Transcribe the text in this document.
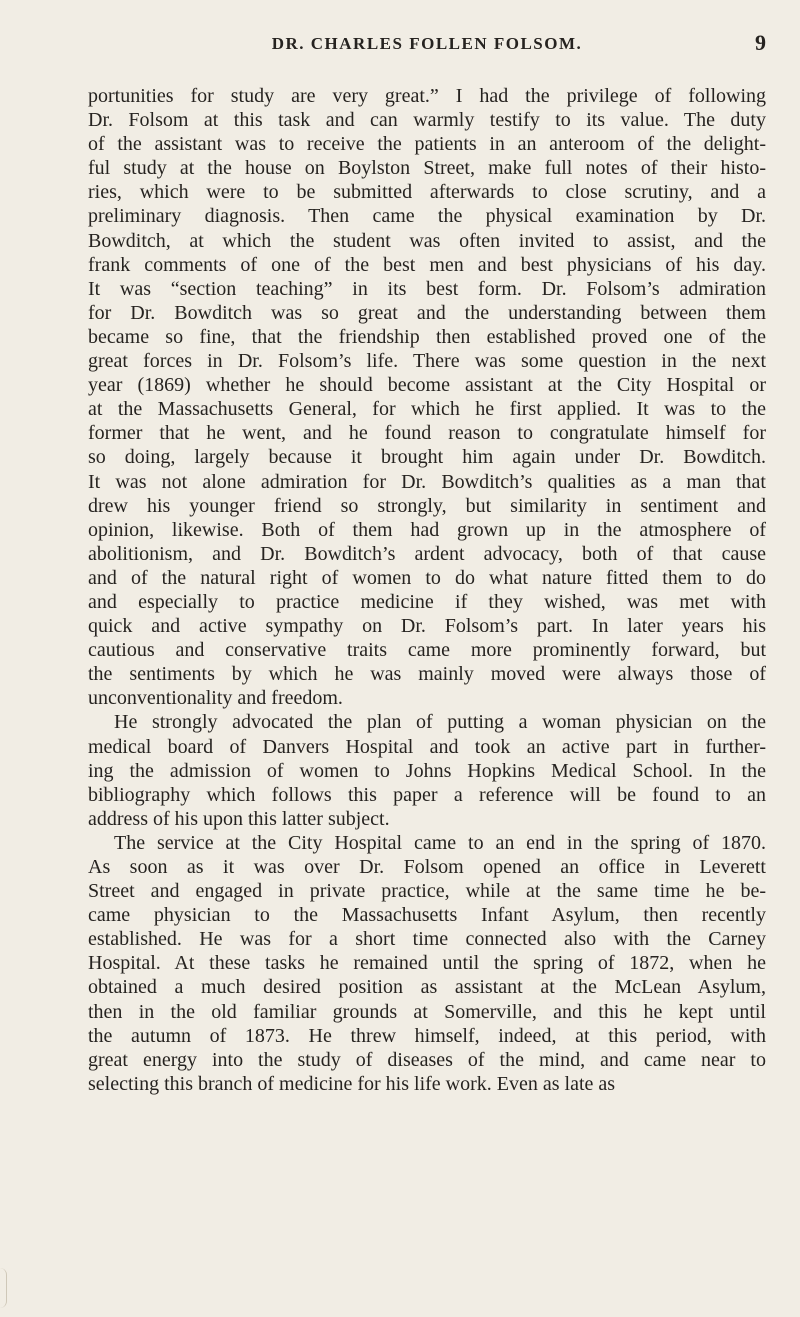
DR. CHARLES FOLLEN FOLSOM.	9
portunities for study are very great.” I had the privilege of following
Dr. Folsom at this task and can warmly testify to its value. The duty
of the assistant was to receive the patients in an anteroom of the delight-
ful study at the house on Boylston Street, make full notes of their histo-
ries, which were to be submitted afterwards to close scrutiny, and a
preliminary diagnosis. Then came the physical examination by Dr.
Bowditch, at which the student was often invited to assist, and the
frank comments of one of the best men and best physicians of his day.
It was “section teaching” in its best form. Dr. Folsom’s admiration
for Dr. Bowditch was so great and the understanding between them
became so fine, that the friendship then established proved one of the
great forces in Dr. Folsom’s life. There was some question in the next
year (1869) whether he should become assistant at the City Hospital or
at the Massachusetts General, for which he first applied. It was to the
former that he went, and he found reason to congratulate himself for
so doing, largely because it brought him again under Dr. Bowditch.
It was not alone admiration for Dr. Bowditch’s qualities as a man that
drew his younger friend so strongly, but similarity in sentiment and
opinion, likewise. Both of them had grown up in the atmosphere of
abolitionism, and Dr. Bowditch’s ardent advocacy, both of that cause
and of the natural right of women to do what nature fitted them to do
and especially to practice medicine if they wished, was met with
quick and active sympathy on Dr. Folsom’s part. In later years his
cautious and conservative traits came more prominently forward, but
the sentiments by which he was mainly moved were always those of
unconventionality and freedom.
He strongly advocated the plan of putting a woman physician on the
medical board of Danvers Hospital and took an active part in further-
ing the admission of women to Johns Hopkins Medical School. In the
bibliography which follows this paper a reference will be found to an
address of his upon this latter subject.
The service at the City Hospital came to an end in the spring of 1870.
As soon as it was over Dr. Folsom opened an office in Leverett
Street and engaged in private practice, while at the same time he be-
came physician to the Massachusetts Infant Asylum, then recently
established. He was for a short time connected also with the Carney
Hospital. At these tasks he remained until the spring of 1872, when he
obtained a much desired position as assistant at the McLean Asylum,
then in the old familiar grounds at Somerville, and this he kept until
the autumn of 1873. He threw himself, indeed, at this period, with
great energy into the study of diseases of the mind, and came near to
selecting this branch of medicine for his life work. Even as late as
